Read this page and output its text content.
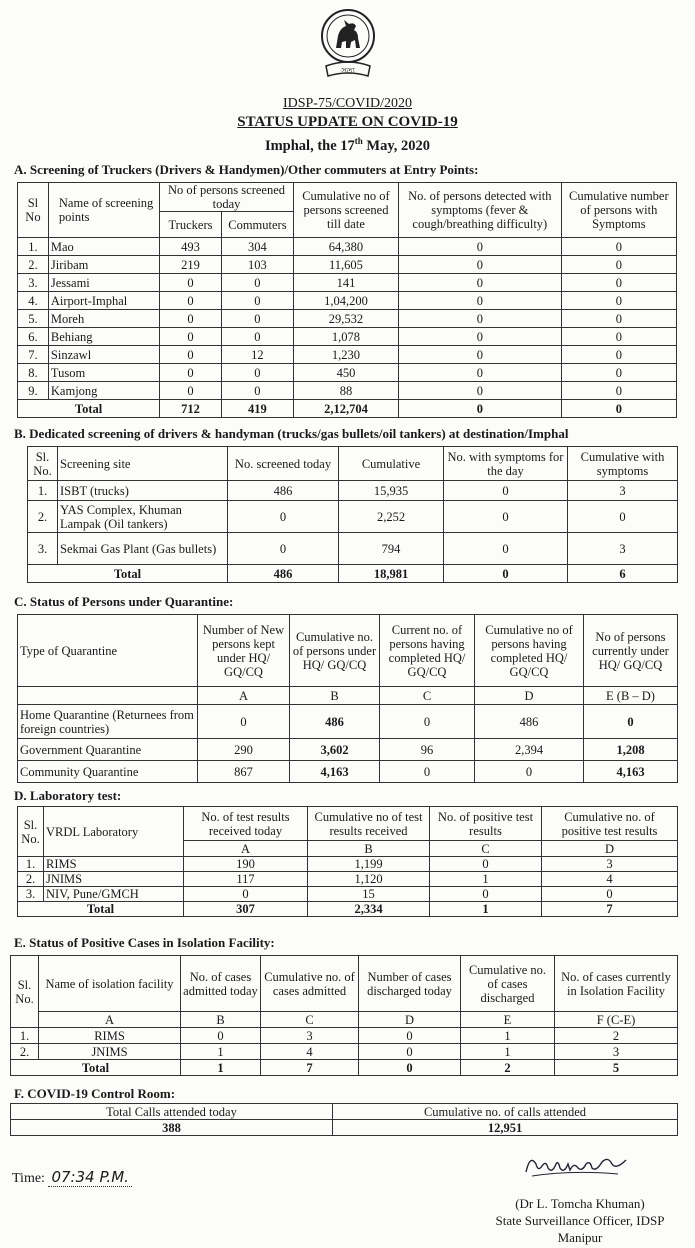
সত্য
IDSP-75/COVID/2020
STATUS UPDATE ON COVID-19
Imphal, the 17th May, 2020
A. Screening of Truckers (Drivers & Handymen)/Other commuters at Entry Points:
Sl No	Name of screening points	No of persons screened today		Cumulative no of persons screened till date	No. of persons detected with symptoms (fever & cough/breathing difficulty)	Cumulative number of persons with Symptoms
		Truckers	Commuters			
1.	Mao	493	304	64,380	0	0
2.	Jiribam	219	103	11,605	0	0
3.	Jessami	0	0	141	0	0
4.	Airport-Imphal	0	0	1,04,200	0	0
5.	Moreh	0	0	29,532	0	0
6.	Behiang	0	0	1,078	0	0
7.	Sinzawl	0	12	1,230	0	0
8.	Tusom	0	0	450	0	0
9.	Kamjong	0	0	88	0	0
Total		712	419	2,12,704	0	0
B. Dedicated screening of drivers & handyman (trucks/gas bullets/oil tankers) at destination/Imphal
Sl. No.	Screening site	No. screened today	Cumulative	No. with symptoms for the day	Cumulative with symptoms
1.	ISBT (trucks)	486	15,935	0	3
2.	YAS Complex, Khuman Lampak (Oil tankers)	0	2,252	0	0
3.	Sekmai Gas Plant (Gas bullets)	0	794	0	3
Total		486	18,981	0	6
C. Status of Persons under Quarantine:
Type of Quarantine	Number of New persons kept under HQ/ GQ/CQ	Cumulative no. of persons under HQ/ GQ/CQ	Current no. of persons having completed HQ/ GQ/CQ	Cumulative no of persons having completed HQ/ GQ/CQ	No of persons currently under HQ/ GQ/CQ
	A	B	C	D	E (B – D)
Home Quarantine (Returnees from foreign countries)	0	486	0	486	0
Government Quarantine	290	3,602	96	2,394	1,208
Community Quarantine	867	4,163	0	0	4,163
D. Laboratory test:
Sl. No.	VRDL Laboratory	No. of test results received today	Cumulative no of test results received	No. of positive test results	Cumulative no. of positive test results
		A	B	C	D
1.	RIMS	190	1,199	0	3
2.	JNIMS	117	1,120	1	4
3.	NIV, Pune/GMCH	0	15	0	0
Total		307	2,334	1	7
E. Status of Positive Cases in Isolation Facility:
Sl. No.	Name of isolation facility	No. of cases admitted today	Cumulative no. of cases admitted	Number of cases discharged today	Cumulative no. of cases discharged	No. of cases currently in Isolation Facility
	A	B	C	D	E	F (C-E)
1.	RIMS	0	3	0	1	2
2.	JNIMS	1	4	0	1	3
Total		1	7	0	2	5
F. COVID-19 Control Room:
Total Calls attended today	Cumulative no. of calls attended
388	12,951
Time: 07:34 P.M.
(Dr L. Tomcha Khuman)
State Surveillance Officer, IDSP
Manipur
